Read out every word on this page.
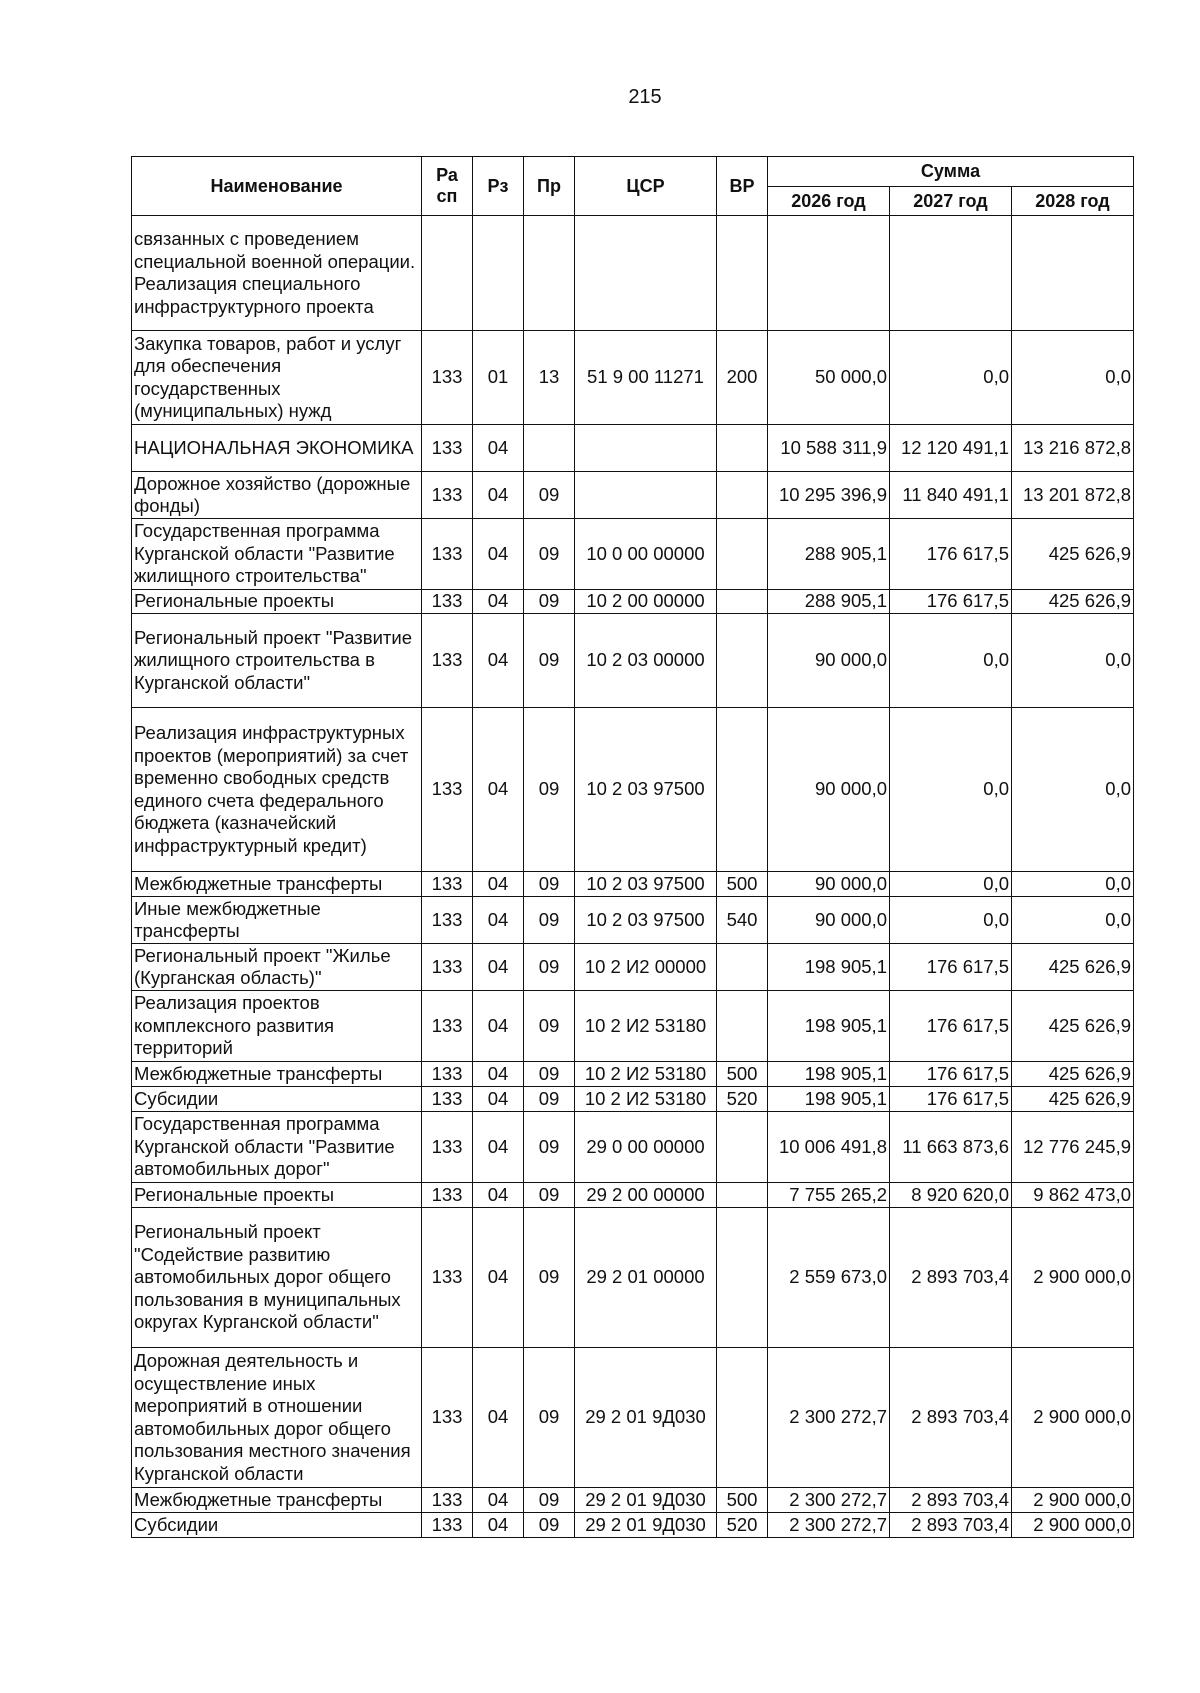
215
Наименование	Ра сп	Рз	Пр	ЦСР	ВР	Сумма		
						2026 год	2027 год	2028 год
связанных с проведением специальной военной операции. Реализация специального инфраструктурного проекта								
Закупка товаров, работ и услуг для обеспечения государственных (муниципальных) нужд	133	01	13	51 9 00 11271	200	50 000,0	0,0	0,0
НАЦИОНАЛЬНАЯ ЭКОНОМИКА	133	04				10 588 311,9	12 120 491,1	13 216 872,8
Дорожное хозяйство (дорожные фонды)	133	04	09			10 295 396,9	11 840 491,1	13 201 872,8
Государственная программа Курганской области "Развитие жилищного строительства"	133	04	09	10 0 00 00000		288 905,1	176 617,5	425 626,9
Региональные проекты	133	04	09	10 2 00 00000		288 905,1	176 617,5	425 626,9
Региональный проект "Развитие жилищного строительства в Курганской области"	133	04	09	10 2 03 00000		90 000,0	0,0	0,0
Реализация инфраструктурных проектов (мероприятий) за счет временно свободных средств единого счета федерального бюджета (казначейский инфраструктурный кредит)	133	04	09	10 2 03 97500		90 000,0	0,0	0,0
Межбюджетные трансферты	133	04	09	10 2 03 97500	500	90 000,0	0,0	0,0
Иные межбюджетные трансферты	133	04	09	10 2 03 97500	540	90 000,0	0,0	0,0
Региональный проект "Жилье (Курганская область)"	133	04	09	10 2 И2 00000		198 905,1	176 617,5	425 626,9
Реализация проектов комплексного развития территорий	133	04	09	10 2 И2 53180		198 905,1	176 617,5	425 626,9
Межбюджетные трансферты	133	04	09	10 2 И2 53180	500	198 905,1	176 617,5	425 626,9
Субсидии	133	04	09	10 2 И2 53180	520	198 905,1	176 617,5	425 626,9
Государственная программа Курганской области "Развитие автомобильных дорог"	133	04	09	29 0 00 00000		10 006 491,8	11 663 873,6	12 776 245,9
Региональные проекты	133	04	09	29 2 00 00000		7 755 265,2	8 920 620,0	9 862 473,0
Региональный проект "Содействие развитию автомобильных дорог общего пользования в муниципальных округах Курганской области"	133	04	09	29 2 01 00000		2 559 673,0	2 893 703,4	2 900 000,0
Дорожная деятельность и осуществление иных мероприятий в отношении автомобильных дорог общего пользования местного значения Курганской области	133	04	09	29 2 01 9Д030		2 300 272,7	2 893 703,4	2 900 000,0
Межбюджетные трансферты	133	04	09	29 2 01 9Д030	500	2 300 272,7	2 893 703,4	2 900 000,0
Субсидии	133	04	09	29 2 01 9Д030	520	2 300 272,7	2 893 703,4	2 900 000,0
